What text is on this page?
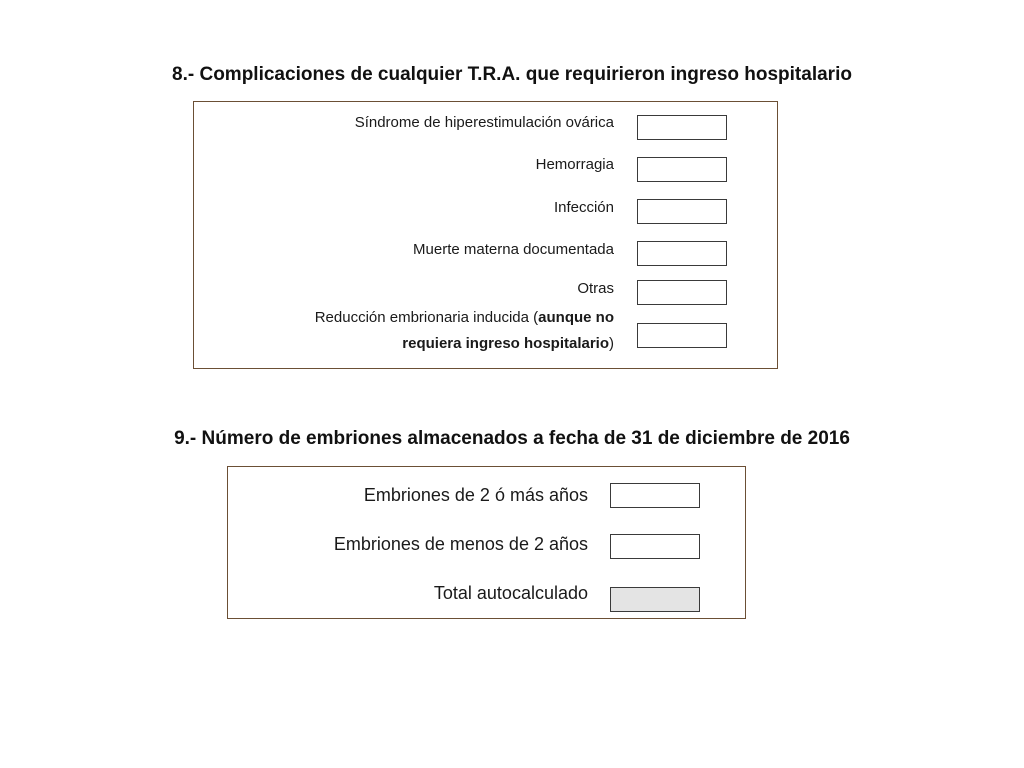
8.- Complicaciones de cualquier T.R.A. que requirieron ingreso hospitalario
Síndrome de hiperestimulación ovárica
Hemorragia
Infección
Muerte materna documentada
Otras
Reducción embrionaria inducida (aunque no
requiera ingreso hospitalario)
9.- Número de embriones almacenados a fecha de 31 de diciembre de 2016
Embriones de 2 ó más años
Embriones de menos de 2 años
Total autocalculado
